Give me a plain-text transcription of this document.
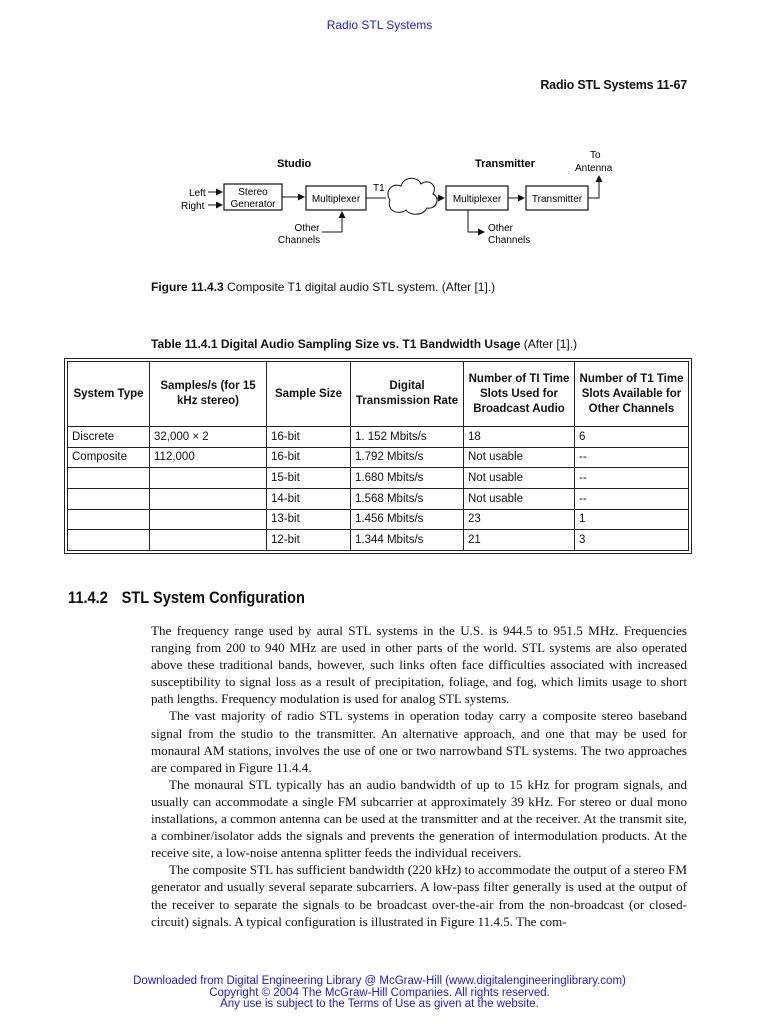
Radio STL Systems
Radio STL Systems 11-67
Studio	Transmitter
To
Antenna
Left
Right
Stereo
Generator	Multiplexer
Other
Channels
T1
Multiplexer	Transmitter
Other
Channels
Figure 11.4.3 Composite T1 digital audio STL system. (After [1].)
Table 11.4.1 Digital Audio Sampling Size vs. T1 Bandwidth Usage (After [1].)
System Type	Samples/s (for 15 kHz stereo)	Sample Size	Digital Transmission Rate	Number of TI Time Slots Used for Broadcast Audio	Number of T1 Time Slots Available for Other Channels
Discrete	32,000 × 2	16-bit	1. 152 Mbits/s	18	6
Composite	112,000	16-bit	1.792 Mbits/s	Not usable	--
		15-bit	1.680 Mbits/s	Not usable	--
		14-bit	1.568 Mbits/s	Not usable	--
		13-bit	1.456 Mbits/s	23	1
		12-bit	1.344 Mbits/s	21	3
11.4.2 STL System Configuration

The frequency range used by aural STL systems in the U.S. is 944.5 to 951.5 MHz. Frequencies ranging from 200 to 940 MHz are used in other parts of the world. STL systems are also operated above these traditional bands, however, such links often face difficulties associated with increased susceptibility to signal loss as a result of precipitation, foliage, and fog, which limits usage to short path lengths. Frequency modulation is used for analog STL systems.

The vast majority of radio STL systems in operation today carry a composite stereo baseband signal from the studio to the transmitter. An alternative approach, and one that may be used for monaural AM stations, involves the use of one or two narrowband STL systems. The two approaches are compared in Figure 11.4.4.

The monaural STL typically has an audio bandwidth of up to 15 kHz for program signals, and usually can accommodate a single FM subcarrier at approximately 39 kHz. For stereo or dual mono installations, a common antenna can be used at the transmitter and at the receiver. At the transmit site, a combiner/isolator adds the signals and prevents the generation of intermodulation products. At the receive site, a low-noise antenna splitter feeds the individual receivers.

The composite STL has sufficient bandwidth (220 kHz) to accommodate the output of a stereo FM generator and usually several separate subcarriers. A low-pass filter generally is used at the output of the receiver to separate the signals to be broadcast over-the-air from the non-broadcast (or closed-circuit) signals. A typical configuration is illustrated in Figure 11.4.5. The com-

Downloaded from Digital Engineering Library @ McGraw-Hill (www.digitalengineeringlibrary.com)
Copyright © 2004 The McGraw-Hill Companies. All rights reserved.
Any use is subject to the Terms of Use as given at the website.
